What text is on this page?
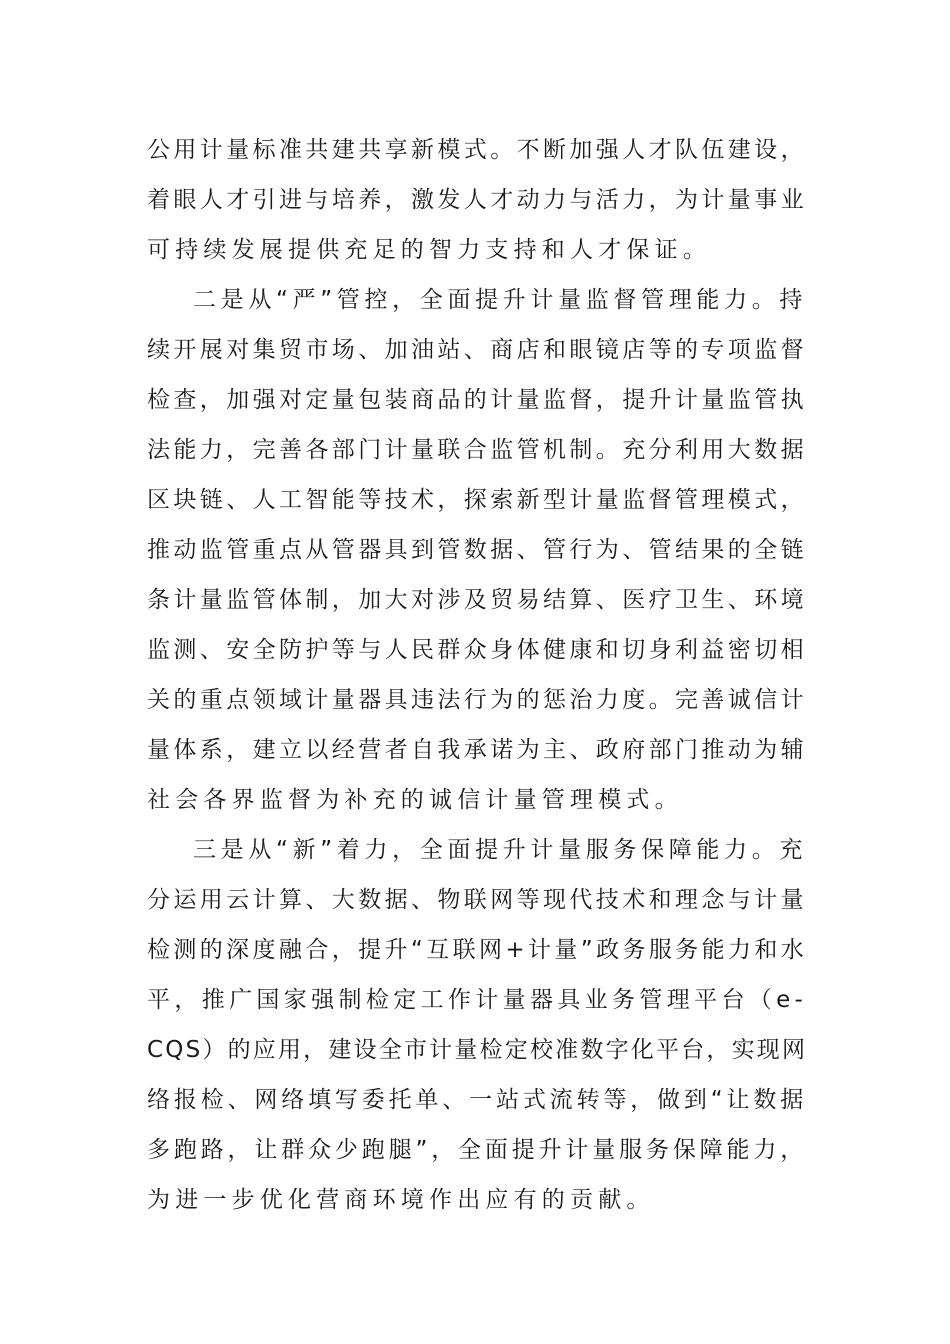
公用计量标准共建共享新模式。不断加强人才队伍建设，
着眼人才引进与培养，激发人才动力与活力，为计量事业
可持续发展提供充足的智力支持和人才保证。
二是从“严”管控，全面提升计量监督管理能力。持
续开展对集贸市场、加油站、商店和眼镜店等的专项监督
检查，加强对定量包装商品的计量监督，提升计量监管执
法能力，完善各部门计量联合监管机制。充分利用大数据
区块链、人工智能等技术，探索新型计量监督管理模式，
推动监管重点从管器具到管数据、管行为、管结果的全链
条计量监管体制，加大对涉及贸易结算、医疗卫生、环境
监测、安全防护等与人民群众身体健康和切身利益密切相
关的重点领域计量器具违法行为的惩治力度。完善诚信计
量体系，建立以经营者自我承诺为主、政府部门推动为辅
社会各界监督为补充的诚信计量管理模式。
三是从“新”着力，全面提升计量服务保障能力。充
分运用云计算、大数据、物联网等现代技术和理念与计量
检测的深度融合，提升“互联网+计量”政务服务能力和水
平，推广国家强制检定工作计量器具业务管理平台（e-
CQS）的应用，建设全市计量检定校准数字化平台，实现网
络报检、网络填写委托单、一站式流转等，做到“让数据
多跑路，让群众少跑腿”，全面提升计量服务保障能力，
为进一步优化营商环境作出应有的贡献。
